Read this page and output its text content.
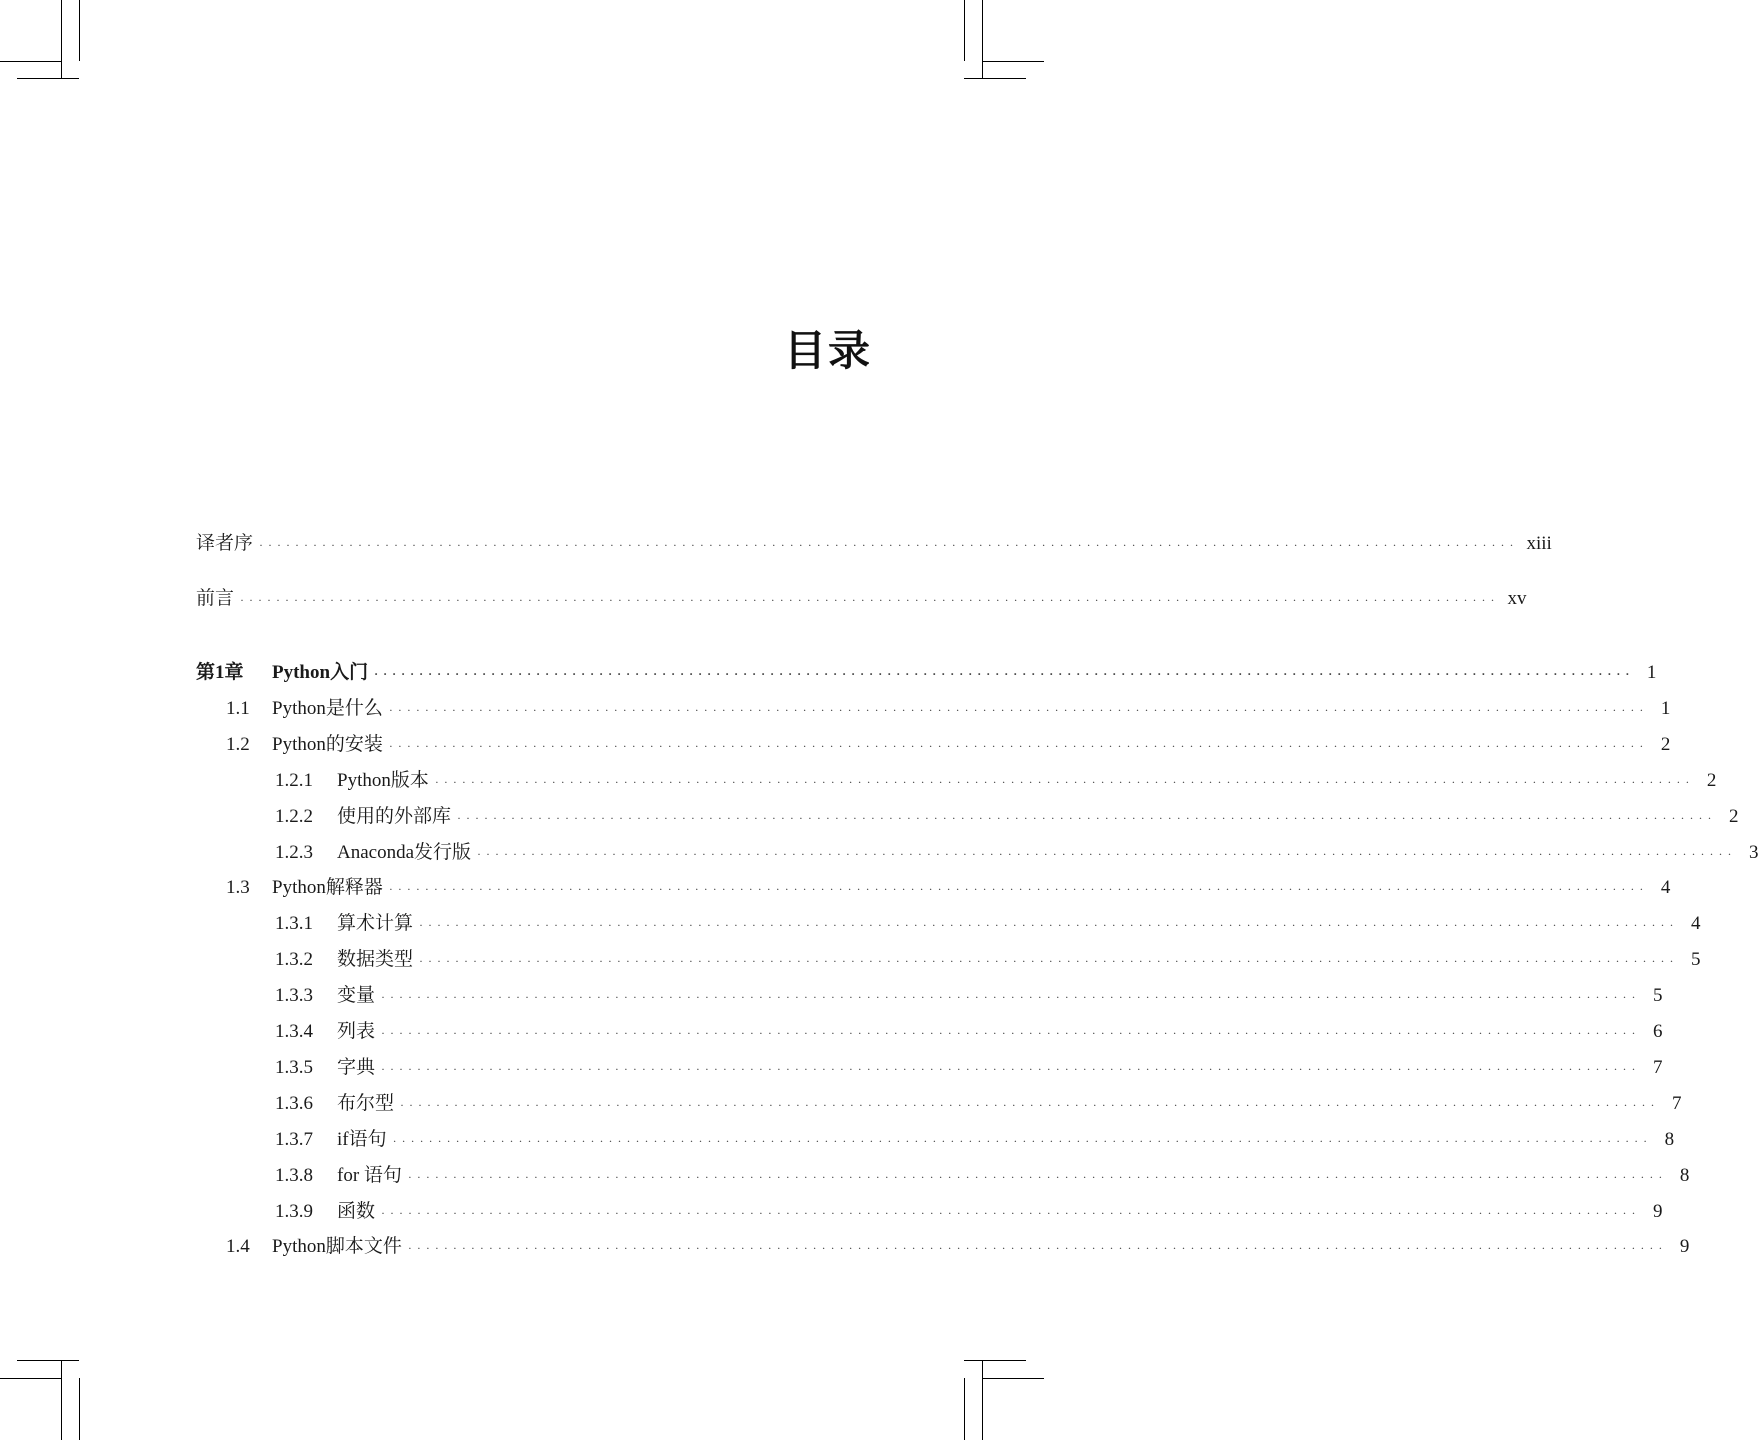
目录
译者序 ············································································································································ xiii
前言 ············································································································································ xv
第1章	Python入门 ············································································································································ 1
1.1	Python是什么 ············································································································································ 1
1.2	Python的安装 ············································································································································ 2
1.2.1	Python版本 ············································································································································ 2
1.2.2	使用的外部库 ············································································································································ 2
1.2.3	Anaconda发行版 ············································································································································ 3
1.3	Python解释器 ············································································································································ 4
1.3.1	算术计算 ············································································································································ 4
1.3.2	数据类型 ············································································································································ 5
1.3.3	变量 ············································································································································ 5
1.3.4	列表 ············································································································································ 6
1.3.5	字典 ············································································································································ 7
1.3.6	布尔型 ············································································································································ 7
1.3.7	if语句 ············································································································································ 8
1.3.8	for 语句 ············································································································································ 8
1.3.9	函数 ············································································································································ 9
1.4	Python脚本文件 ············································································································································ 9
